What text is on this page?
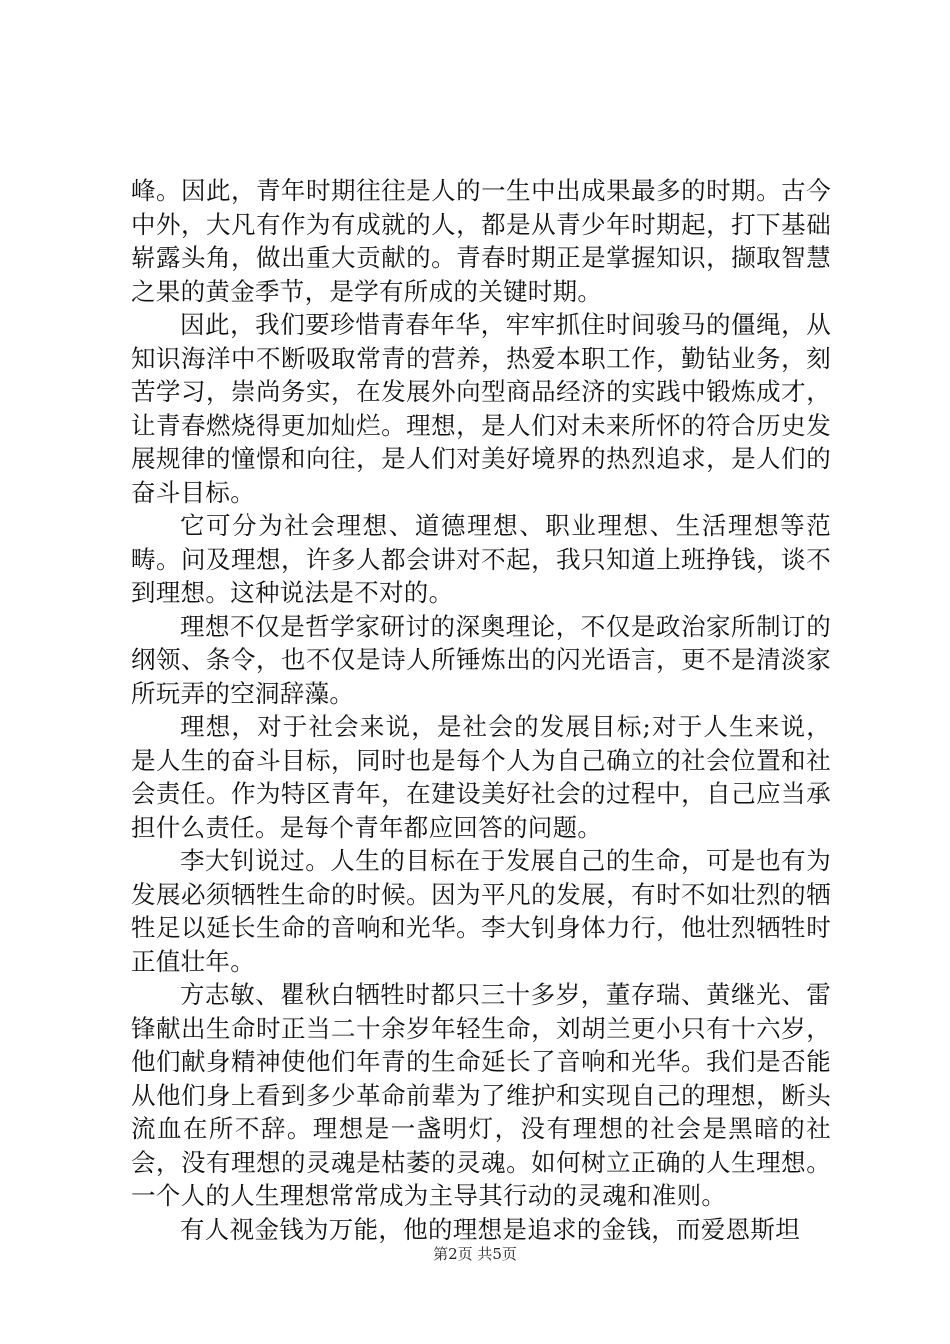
峰。因此，青年时期往往是人的一生中出成果最多的时期。古今中外，大凡有作为有成就的人，都是从青少年时期起，打下基础崭露头角，做出重大贡献的。青春时期正是掌握知识，撷取智慧之果的黄金季节，是学有所成的关键时期。

因此，我们要珍惜青春年华，牢牢抓住时间骏马的僵绳，从知识海洋中不断吸取常青的营养，热爱本职工作，勤钻业务，刻苦学习，崇尚务实，在发展外向型商品经济的实践中锻炼成才，让青春燃烧得更加灿烂。理想，是人们对未来所怀的符合历史发展规律的憧憬和向往，是人们对美好境界的热烈追求，是人们的奋斗目标。

它可分为社会理想、道德理想、职业理想、生活理想等范畴。问及理想，许多人都会讲对不起，我只知道上班挣钱，谈不到理想。这种说法是不对的。

理想不仅是哲学家研讨的深奥理论，不仅是政治家所制订的纲领、条令，也不仅是诗人所锤炼出的闪光语言，更不是清淡家所玩弄的空洞辞藻。

理想，对于社会来说，是社会的发展目标;对于人生来说，是人生的奋斗目标，同时也是每个人为自己确立的社会位置和社会责任。作为特区青年，在建设美好社会的过程中，自己应当承担什么责任。是每个青年都应回答的问题。

李大钊说过。人生的目标在于发展自己的生命，可是也有为发展必须牺牲生命的时候。因为平凡的发展，有时不如壮烈的牺牲足以延长生命的音响和光华。李大钊身体力行，他壮烈牺牲时正值壮年。

方志敏、瞿秋白牺牲时都只三十多岁，董存瑞、黄继光、雷锋献出生命时正当二十余岁年轻生命，刘胡兰更小只有十六岁，他们献身精神使他们年青的生命延长了音响和光华。我们是否能从他们身上看到多少革命前辈为了维护和实现自己的理想，断头流血在所不辞。理想是一盏明灯，没有理想的社会是黑暗的社会，没有理想的灵魂是枯萎的灵魂。如何树立正确的人生理想。一个人的人生理想常常成为主导其行动的灵魂和准则。

有人视金钱为万能，他的理想是追求的金钱，而爱恩斯坦

第2页 共5页
